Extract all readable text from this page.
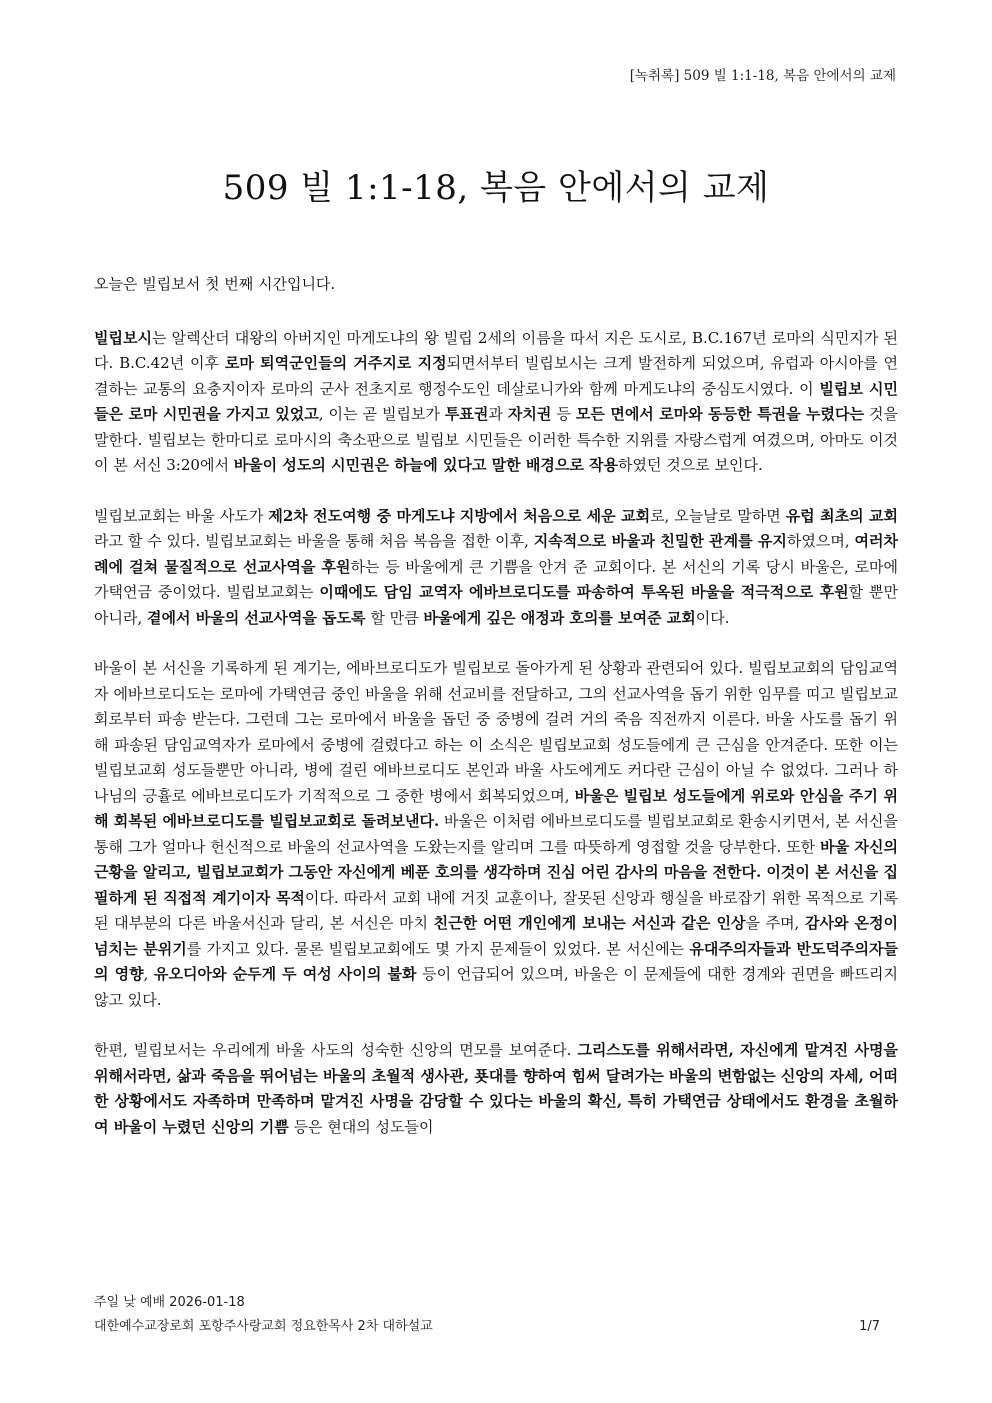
[녹취록] 509 빌 1:1-18, 복음 안에서의 교제
509 빌 1:1-18, 복음 안에서의 교제

오늘은 빌립보서 첫 번째 시간입니다.

빌립보시는 알렉산더 대왕의 아버지인 마게도냐의 왕 빌립 2세의 이름을 따서 지은 도시로, B.C.167년 로마의 식민지가 된다. B.C.42년 이후 로마 퇴역군인들의 거주지로 지정되면서부터 빌립보시는 크게 발전하게 되었으며, 유럽과 아시아를 연결하는 교통의 요충지이자 로마의 군사 전초지로 행정수도인 데살로니가와 함께 마게도냐의 중심도시였다. 이 빌립보 시민들은 로마 시민권을 가지고 있었고, 이는 곧 빌립보가 투표권과 자치권 등 모든 면에서 로마와 동등한 특권을 누렸다는 것을 말한다. 빌립보는 한마디로 로마시의 축소판으로 빌립보 시민들은 이러한 특수한 지위를 자랑스럽게 여겼으며, 아마도 이것이 본 서신 3:20에서 바울이 성도의 시민권은 하늘에 있다고 말한 배경으로 작용하였던 것으로 보인다.

빌립보교회는 바울 사도가 제2차 전도여행 중 마게도냐 지방에서 처음으로 세운 교회로, 오늘날로 말하면 유럽 최초의 교회라고 할 수 있다. 빌립보교회는 바울을 통해 처음 복음을 접한 이후, 지속적으로 바울과 친밀한 관계를 유지하였으며, 여러차례에 걸쳐 물질적으로 선교사역을 후원하는 등 바울에게 큰 기쁨을 안겨 준 교회이다. 본 서신의 기록 당시 바울은, 로마에 가택연금 중이었다. 빌립보교회는 이때에도 담임 교역자 에바브로디도를 파송하여 투옥된 바울을 적극적으로 후원할 뿐만아니라, 곁에서 바울의 선교사역을 돕도록 할 만큼 바울에게 깊은 애정과 호의를 보여준 교회이다.

바울이 본 서신을 기록하게 된 계기는, 에바브로디도가 빌립보로 돌아가게 된 상황과 관련되어 있다. 빌립보교회의 담임교역자 에바브로디도는 로마에 가택연금 중인 바울을 위해 선교비를 전달하고, 그의 선교사역을 돕기 위한 임무를 띠고 빌립보교회로부터 파송 받는다. 그런데 그는 로마에서 바울을 돕던 중 중병에 걸려 거의 죽음 직전까지 이른다. 바울 사도를 돕기 위해 파송된 담임교역자가 로마에서 중병에 걸렸다고 하는 이 소식은 빌립보교회 성도들에게 큰 근심을 안겨준다. 또한 이는 빌립보교회 성도들뿐만 아니라, 병에 걸린 에바브로디도 본인과 바울 사도에게도 커다란 근심이 아닐 수 없었다. 그러나 하나님의 긍휼로 에바브로디도가 기적적으로 그 중한 병에서 회복되었으며, 바울은 빌립보 성도들에게 위로와 안심을 주기 위해 회복된 에바브로디도를 빌립보교회로 돌려보낸다. 바울은 이처럼 에바브로디도를 빌립보교회로 환송시키면서, 본 서신을 통해 그가 얼마나 헌신적으로 바울의 선교사역을 도왔는지를 알리며 그를 따뜻하게 영접할 것을 당부한다. 또한 바울 자신의 근황을 알리고, 빌립보교회가 그동안 자신에게 베푼 호의를 생각하며 진심 어린 감사의 마음을 전한다. 이것이 본 서신을 집필하게 된 직접적 계기이자 목적이다. 따라서 교회 내에 거짓 교훈이나, 잘못된 신앙과 행실을 바로잡기 위한 목적으로 기록된 대부분의 다른 바울서신과 달리, 본 서신은 마치 친근한 어떤 개인에게 보내는 서신과 같은 인상을 주며, 감사와 온정이 넘치는 분위기를 가지고 있다. 물론 빌립보교회에도 몇 가지 문제들이 있었다. 본 서신에는 유대주의자들과 반도덕주의자들의 영향, 유오디아와 순두게 두 여성 사이의 불화 등이 언급되어 있으며, 바울은 이 문제들에 대한 경계와 권면을 빠뜨리지 않고 있다.

한편, 빌립보서는 우리에게 바울 사도의 성숙한 신앙의 면모를 보여준다. 그리스도를 위해서라면, 자신에게 맡겨진 사명을 위해서라면, 삶과 죽음을 뛰어넘는 바울의 초월적 생사관, 푯대를 향하여 힘써 달려가는 바울의 변함없는 신앙의 자세, 어떠한 상황에서도 자족하며 만족하며 맡겨진 사명을 감당할 수 있다는 바울의 확신, 특히 가택연금 상태에서도 환경을 초월하여 바울이 누렸던 신앙의 기쁨 등은 현대의 성도들이

주일 낮 예배 2026-01-18
대한예수교장로회 포항주사랑교회 정요한목사 2차 대하설교	1/7
